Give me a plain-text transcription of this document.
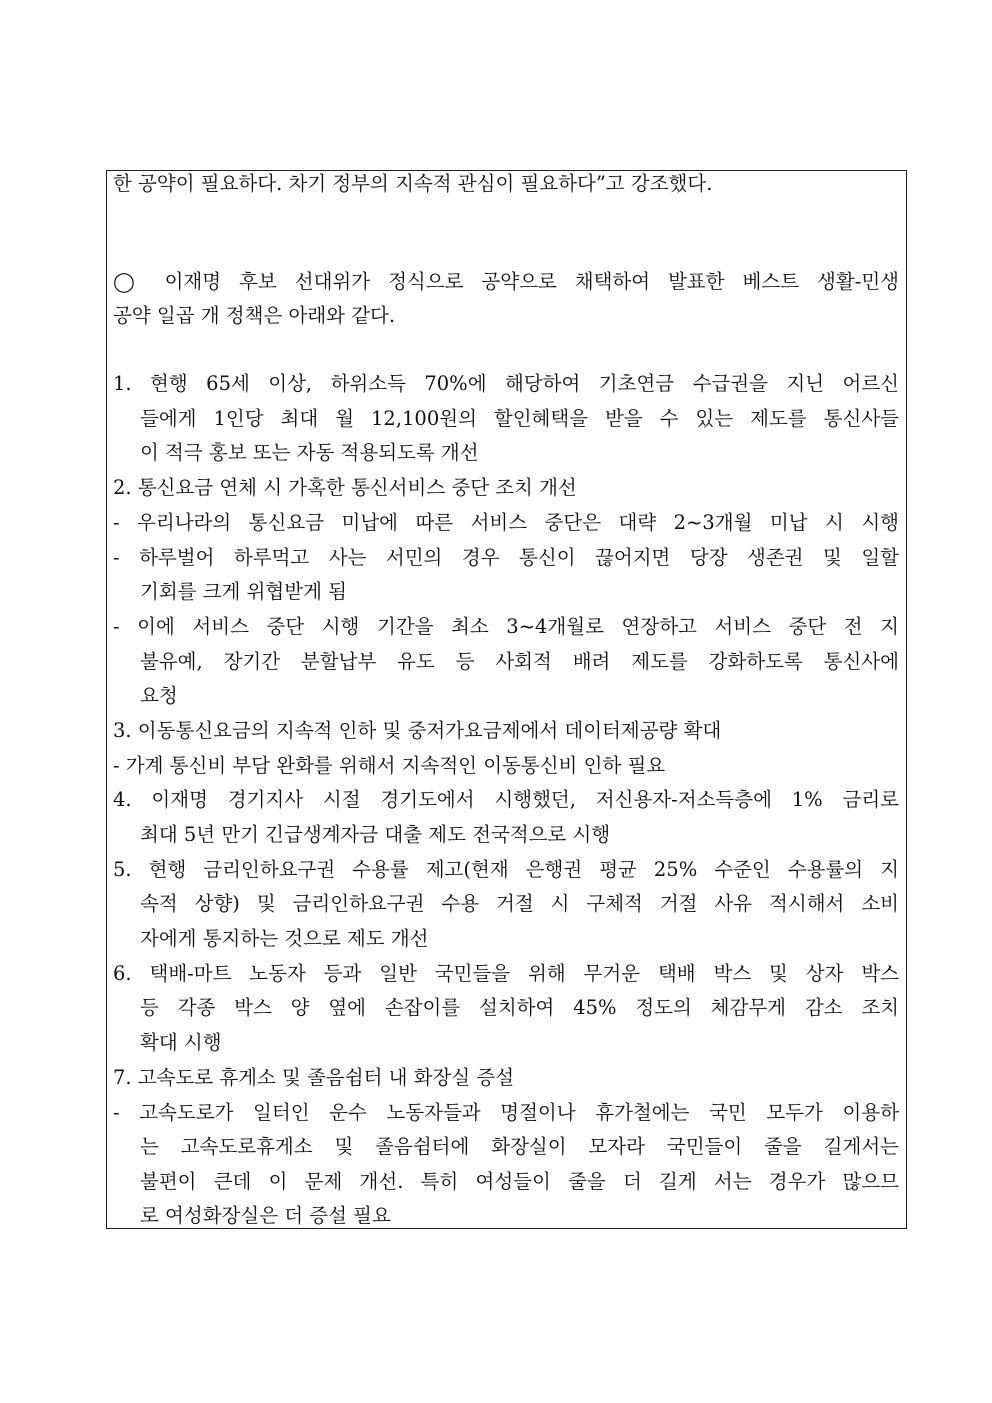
한 공약이 필요하다. 차기 정부의 지속적 관심이 필요하다”고 강조했다.
◯ 이재명 후보 선대위가 정식으로 공약으로 채택하여 발표한 베스트 생활-민생
공약 일곱 개 정책은 아래와 같다.
1. 현행 65세 이상, 하위소득 70%에 해당하여 기초연금 수급권을 지닌 어르신
들에게 1인당 최대 월 12,100원의 할인혜택을 받을 수 있는 제도를 통신사들
이 적극 홍보 또는 자동 적용되도록 개선
2. 통신요금 연체 시 가혹한 통신서비스 중단 조치 개선
- 우리나라의 통신요금 미납에 따른 서비스 중단은 대략 2~3개월 미납 시 시행
- 하루벌어 하루먹고 사는 서민의 경우 통신이 끊어지면 당장 생존권 및 일할
기회를 크게 위협받게 됨
- 이에 서비스 중단 시행 기간을 최소 3~4개월로 연장하고 서비스 중단 전 지
불유예, 장기간 분할납부 유도 등 사회적 배려 제도를 강화하도록 통신사에
요청
3. 이동통신요금의 지속적 인하 및 중저가요금제에서 데이터제공량 확대
- 가계 통신비 부담 완화를 위해서 지속적인 이동통신비 인하 필요
4. 이재명 경기지사 시절 경기도에서 시행했던, 저신용자-저소득층에 1% 금리로
최대 5년 만기 긴급생계자금 대출 제도 전국적으로 시행
5. 현행 금리인하요구권 수용률 제고(현재 은행권 평균 25% 수준인 수용률의 지
속적 상향) 및 금리인하요구권 수용 거절 시 구체적 거절 사유 적시해서 소비
자에게 통지하는 것으로 제도 개선
6. 택배-마트 노동자 등과 일반 국민들을 위해 무거운 택배 박스 및 상자 박스
등 각종 박스 양 옆에 손잡이를 설치하여 45% 정도의 체감무게 감소 조치
확대 시행
7. 고속도로 휴게소 및 졸음쉼터 내 화장실 증설
- 고속도로가 일터인 운수 노동자들과 명절이나 휴가철에는 국민 모두가 이용하
는 고속도로휴게소 및 졸음쉼터에 화장실이 모자라 국민들이 줄을 길게서는
불편이 큰데 이 문제 개선. 특히 여성들이 줄을 더 길게 서는 경우가 많으므
로 여성화장실은 더 증설 필요
